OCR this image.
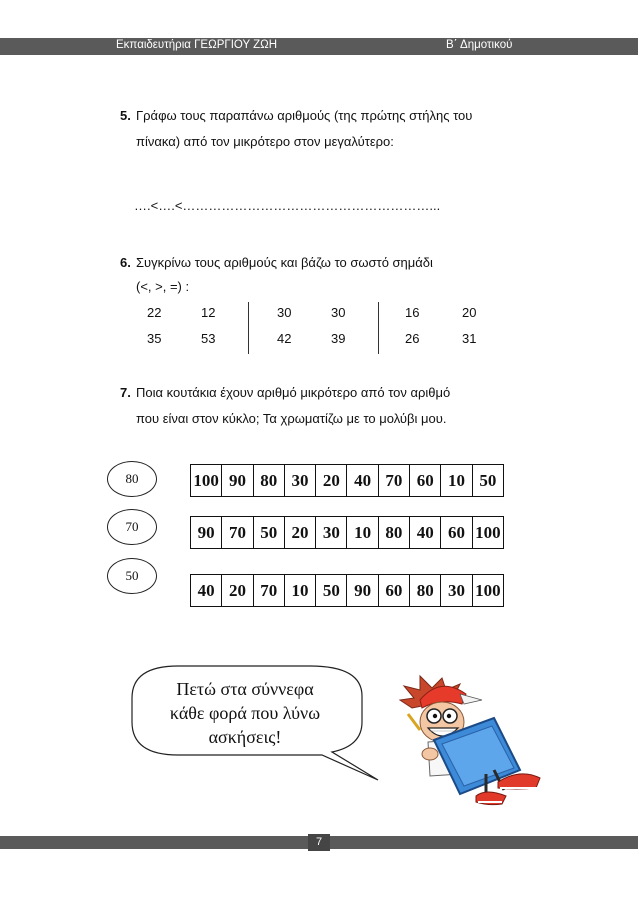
Εκπαιδευτήρια ΓΕΩΡΓΙΟΥ ΖΩΗ	Β΄ Δημοτικού
5. Γράφω τους παραπάνω αριθμούς (της πρώτης στήλης του
πίνακα) από τον μικρότερο στον μεγαλύτερο:
….<….<…………………………………………………...
6. Συγκρίνω τους αριθμούς και βάζω το σωστό σημάδι
(<, >, =) :
22	12	30	30	16	20
35	53	42	39	26	31
7. Ποια κουτάκια έχουν αριθμό μικρότερο από τον αριθμό
που είναι στον κύκλο; Τα χρωματίζω με το μολύβι μου.
80
70
50
100 90 80 30 20 40 70 60 10 50
90 70 50 20 30 10 80 40 60 100
40 20 70 10 50 90 60 80 30 100
Πετώ στα σύννεφα
κάθε φορά που λύνω
ασκήσεις!
7
